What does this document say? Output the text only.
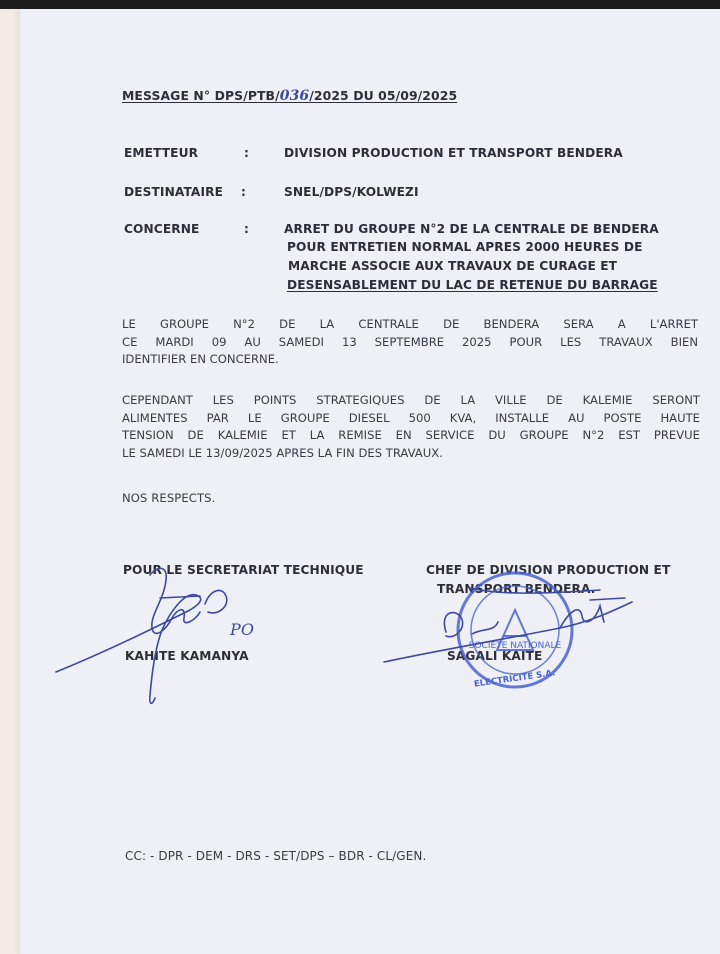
MESSAGE N° DPS/PTB/036/2025 DU 05/09/2025
EMETTEUR	:	DIVISION PRODUCTION ET TRANSPORT BENDERA
DESTINATAIRE :	SNEL/DPS/KOLWEZI
CONCERNE	:	ARRET DU GROUPE N°2 DE LA CENTRALE DE BENDERA
POUR ENTRETIEN NORMAL APRES 2000 HEURES DE
MARCHE ASSOCIE AUX TRAVAUX DE CURAGE ET
DESENSABLEMENT DU LAC DE RETENUE DU BARRAGE
LE GROUPE N°2 DE LA CENTRALE DE BENDERA SERA A L'ARRET
CE MARDI 09 AU SAMEDI 13 SEPTEMBRE 2025 POUR LES TRAVAUX BIEN
IDENTIFIER EN CONCERNE.
CEPENDANT LES POINTS STRATEGIQUES DE LA VILLE DE KALEMIE SERONT
ALIMENTES PAR LE GROUPE DIESEL 500 KVA, INSTALLE AU POSTE HAUTE
TENSION DE KALEMIE ET LA REMISE EN SERVICE DU GROUPE N°2 EST PREVUE
LE SAMEDI LE 13/09/2025 APRES LA FIN DES TRAVAUX.
NOS RESPECTS.
POUR LE SECRETARIAT TECHNIQUE
KAHITE KAMANYA
PO
CHEF DE DIVISION PRODUCTION ET
TRANSPORT BENDERA.
SAGALI KAITE
SOCIETE NATIONALE
ELECTRICITE S.A.
CC: - DPR - DEM - DRS - SET/DPS – BDR - CL/GEN.
